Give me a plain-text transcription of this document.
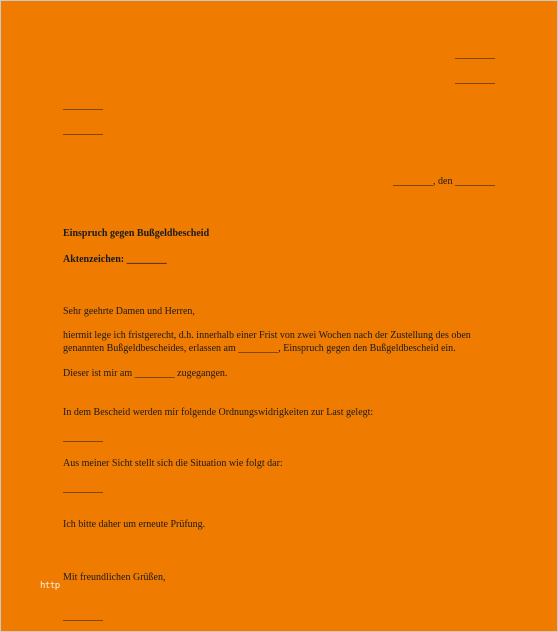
________
________
________
________
________, den ________
Einspruch gegen Bußgeldbescheid
Aktenzeichen: ________
Sehr geehrte Damen und Herren,
hiermit lege ich fristgerecht, d.h. innerhalb einer Frist von zwei Wochen nach der Zustellung des oben genannten Bußgeldbescheides, erlassen am ________, Einspruch gegen den Bußgeldbescheid ein.
Dieser ist mir am ________ zugegangen.
In dem Bescheid werden mir folgende Ordnungswidrigkeiten zur Last gelegt:
________
Aus meiner Sicht stellt sich die Situation wie folgt dar:
________
Ich bitte daher um erneute Prüfung.
Mit freundlichen Grüßen,
http
________
